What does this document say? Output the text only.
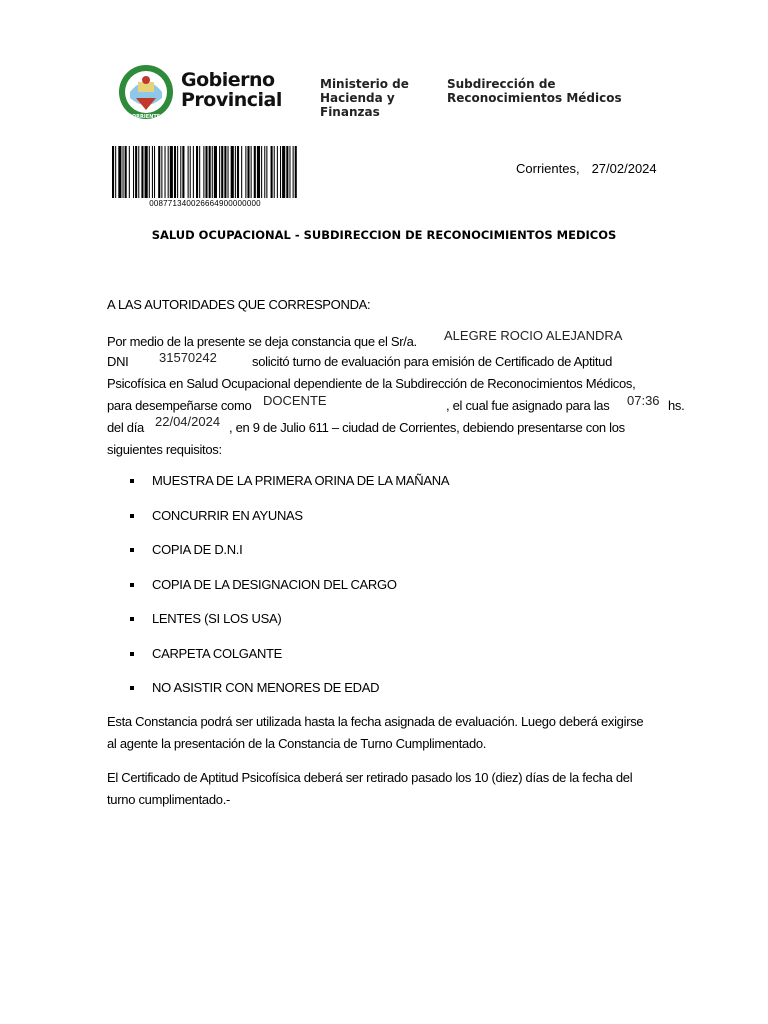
CORRIENTES
Gobierno
Provincial
Ministerio de
Hacienda y
Finanzas
Subdirección de
Reconocimientos Médicos
008771340026664900000000
Corrientes, 27/02/2024
SALUD OCUPACIONAL - SUBDIRECCION DE RECONOCIMIENTOS MEDICOS
A LAS AUTORIDADES QUE CORRESPONDA:
Por medio de la presente se deja constancia que el Sr/a. ALEGRE ROCIO ALEJANDRA
DNI 31570242	solicitó turno de evaluación para emisión de Certificado de Aptitud
Psicofísica en Salud Ocupacional dependiente de la Subdirección de Reconocimientos Médicos,
para desempeñarse como DOCENTE	, el cual fue asignado para las 07:36 hs.
del día 22/04/2024 , en 9 de Julio 611 – ciudad de Corrientes, debiendo presentarse con los
siguientes requisitos:
MUESTRA DE LA PRIMERA ORINA DE LA MAÑANA
CONCURRIR EN AYUNAS
COPIA DE D.N.I
COPIA DE LA DESIGNACION DEL CARGO
LENTES (SI LOS USA)
CARPETA COLGANTE
NO ASISTIR CON MENORES DE EDAD
Esta Constancia podrá ser utilizada hasta la fecha asignada de evaluación. Luego deberá exigirse
al agente la presentación de la Constancia de Turno Cumplimentado.
El Certificado de Aptitud Psicofísica deberá ser retirado pasado los 10 (diez) días de la fecha del
turno cumplimentado.-
